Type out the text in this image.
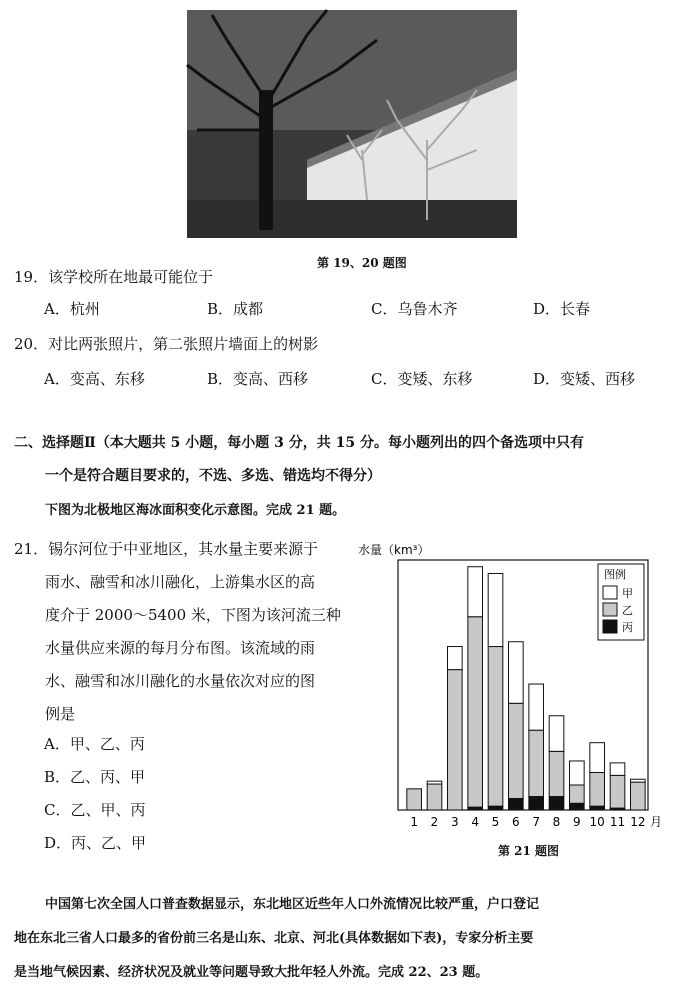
第 19、20 题图
19．该学校所在地最可能位于
A．杭州	B．成都	C．乌鲁木齐	D．长春
20．对比两张照片，第二张照片墙面上的树影
A．变高、东移	B．变高、西移	C．变矮、东移	D．变矮、西移
二、选择题Ⅱ（本大题共 5 小题，每小题 3 分，共 15 分。每小题列出的四个备选项中只有
一个是符合题目要求的，不选、多选、错选均不得分）
下图为北极地区海冰面积变化示意图。完成 21 题。
21．锡尔河位于中亚地区，其水量主要来源于
雨水、融雪和冰川融化，上游集水区的高
度介于 2000～5400 米，下图为该河流三种
水量供应来源的每月分布图。该流域的雨
水、融雪和冰川融化的水量依次对应的图
例是
A．甲、乙、丙
B．乙、丙、甲
C．乙、甲、丙
D．丙、乙、甲
水量（km³）
1 2 3 4 5 6 7 8 9 10 11 12 月
图例
甲
乙
丙
第 21 题图
中国第七次全国人口普查数据显示，东北地区近些年人口外流情况比较严重，户口登记
地在东北三省人口最多的省份前三名是山东、北京、河北(具体数据如下表)，专家分析主要
是当地气候因素、经济状况及就业等问题导致大批年轻人外流。完成 22、23 题。
